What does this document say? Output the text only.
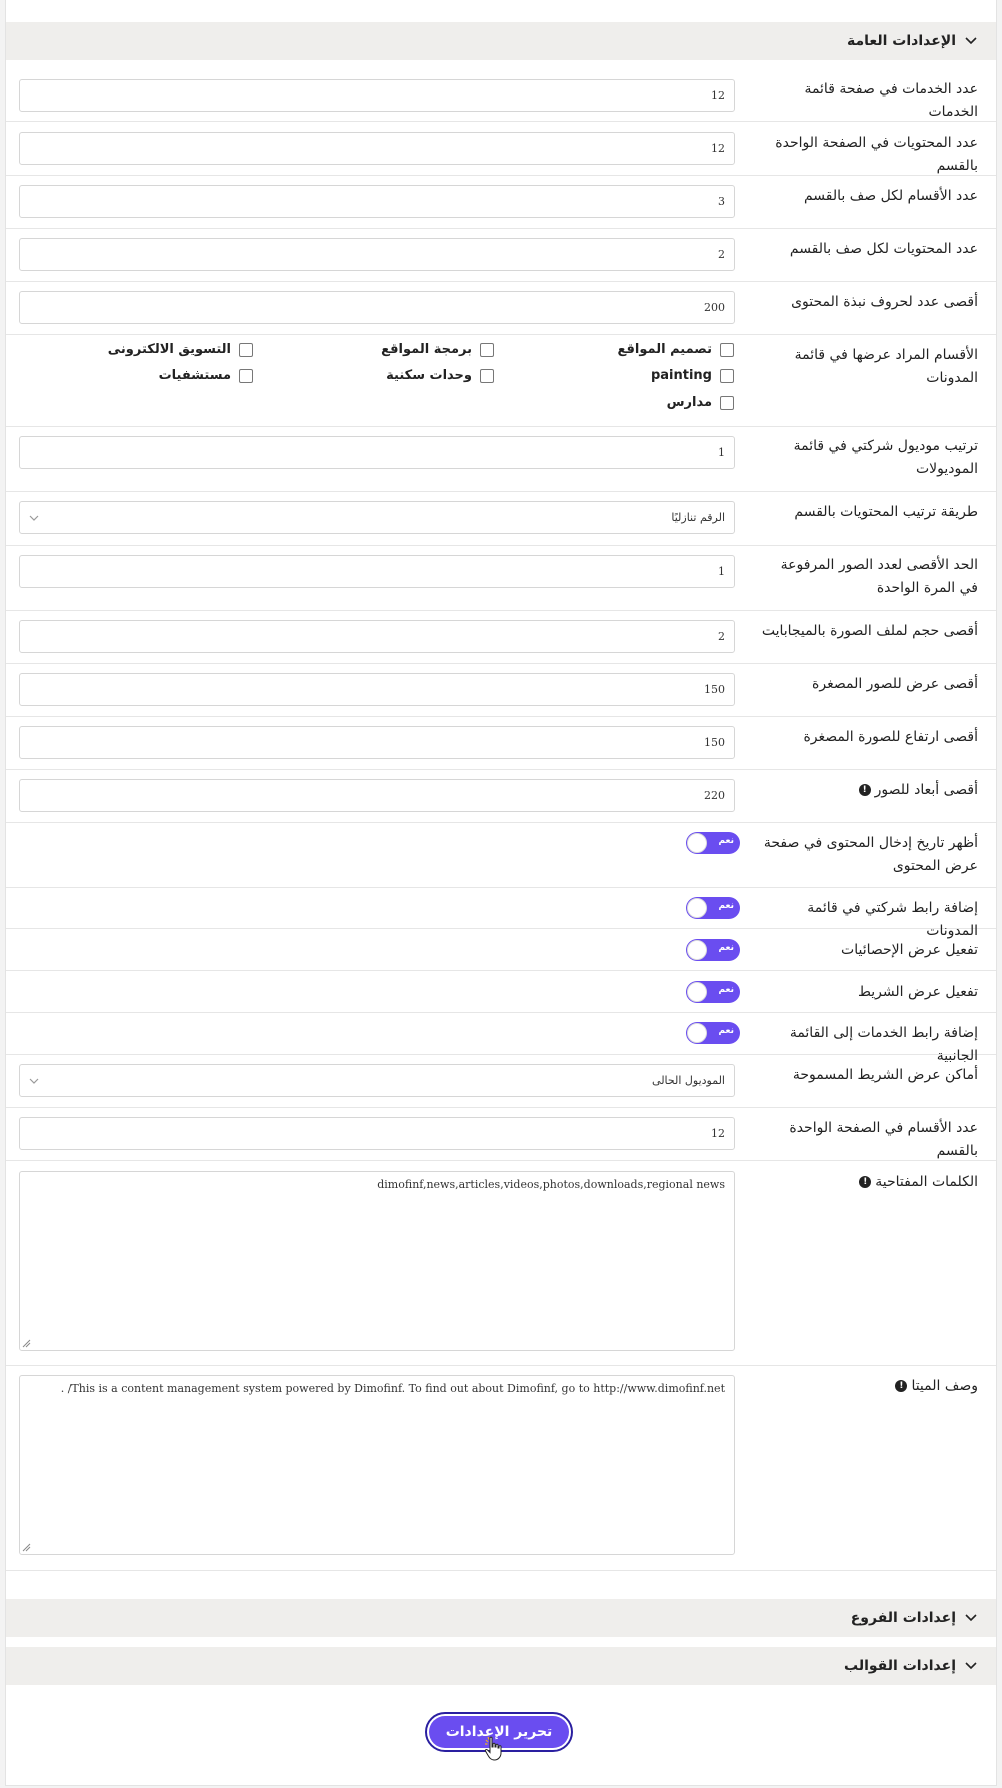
الإعدادات العامة
عدد الخدمات في صفحة قائمة الخدمات
12
عدد المحتويات في الصفحة الواحدة بالقسم
12
عدد الأقسام لكل صف بالقسم
3
عدد المحتويات لكل صف بالقسم
2
أقصى عدد لحروف نبذة المحتوى
200
الأقسام المراد عرضها في قائمة المدونات
تصميم المواقع
برمجة المواقع
التسويق الالكترونى
painting
وحدات سكنية
مستشفيات
مدارس
ترتيب موديول شركتي في قائمة الموديولات
1
طريقة ترتيب المحتويات بالقسم
الرقم تنازليًا
الحد الأقصى لعدد الصور المرفوعة في المرة الواحدة
1
أقصى حجم لملف الصورة بالميجابايت
2
أقصى عرض للصور المصغرة
150
أقصى ارتفاع للصورة المصغرة
150
أقصى أبعاد للصور!
220
أظهر تاريخ إدخال المحتوى في صفحة عرض المحتوى
نعم
إضافة رابط شركتي في قائمة المدونات
نعم
تفعيل عرض الإحصائيات
نعم
تفعيل عرض الشريط
نعم
إضافة رابط الخدمات إلى القائمة الجانبية
نعم
أماكن عرض الشريط المسموحة
الموديول الحالى
عدد الأقسام في الصفحة الواحدة بالقسم
12
الكلمات المفتاحية!
dimofinf,news,articles,videos,photos,downloads,regional news
وصف الميتا!
. /This is a content management system powered by Dimofinf. To find out about Dimofinf, go to http://www.dimofinf.net
إعدادات الفروع
إعدادات القوالب
تحرير الإعدادات
